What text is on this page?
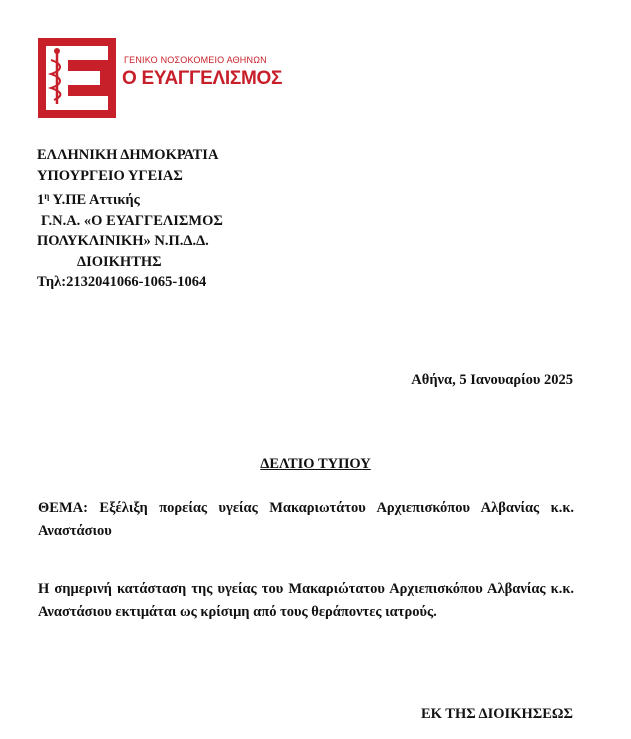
ΓΕΝΙΚΟ ΝΟΣΟΚΟΜΕΙΟ ΑΘΗΝΩΝ
Ο ΕΥΑΓΓΕΛΙΣΜΟΣ
ΕΛΛΗΝΙΚΗ ΔΗΜΟΚΡΑΤΙΑ
ΥΠΟΥΡΓΕΙΟ ΥΓΕΙΑΣ
$1^\eta$ Υ.ΠΕ Αττικής
Γ.Ν.Α. «Ο ΕΥΑΓΓΕΛΙΣΜΟΣ
ΠΟΛΥΚΛΙΝΙΚΗ» Ν.Π.Δ.Δ.
ΔΙΟΙΚΗΤΗΣ
Τηλ:2132041066-1065-1064
Αθήνα, 5 Ιανουαρίου 2025
ΔΕΛΤΙΟ ΤΥΠΟΥ
ΘΕΜΑ: Εξέλιξη πορείας υγείας Μακαριωτάτου Αρχιεπισκόπου Αλβανίας κ.κ. Αναστάσιου
Η σημερινή κατάσταση της υγείας του Μακαριώτατου Αρχιεπισκόπου Αλβανίας κ.κ. Αναστάσιου εκτιμάται ως κρίσιμη από τους θεράποντες ιατρούς.
ΕΚ ΤΗΣ ΔΙΟΙΚΗΣΕΩΣ
